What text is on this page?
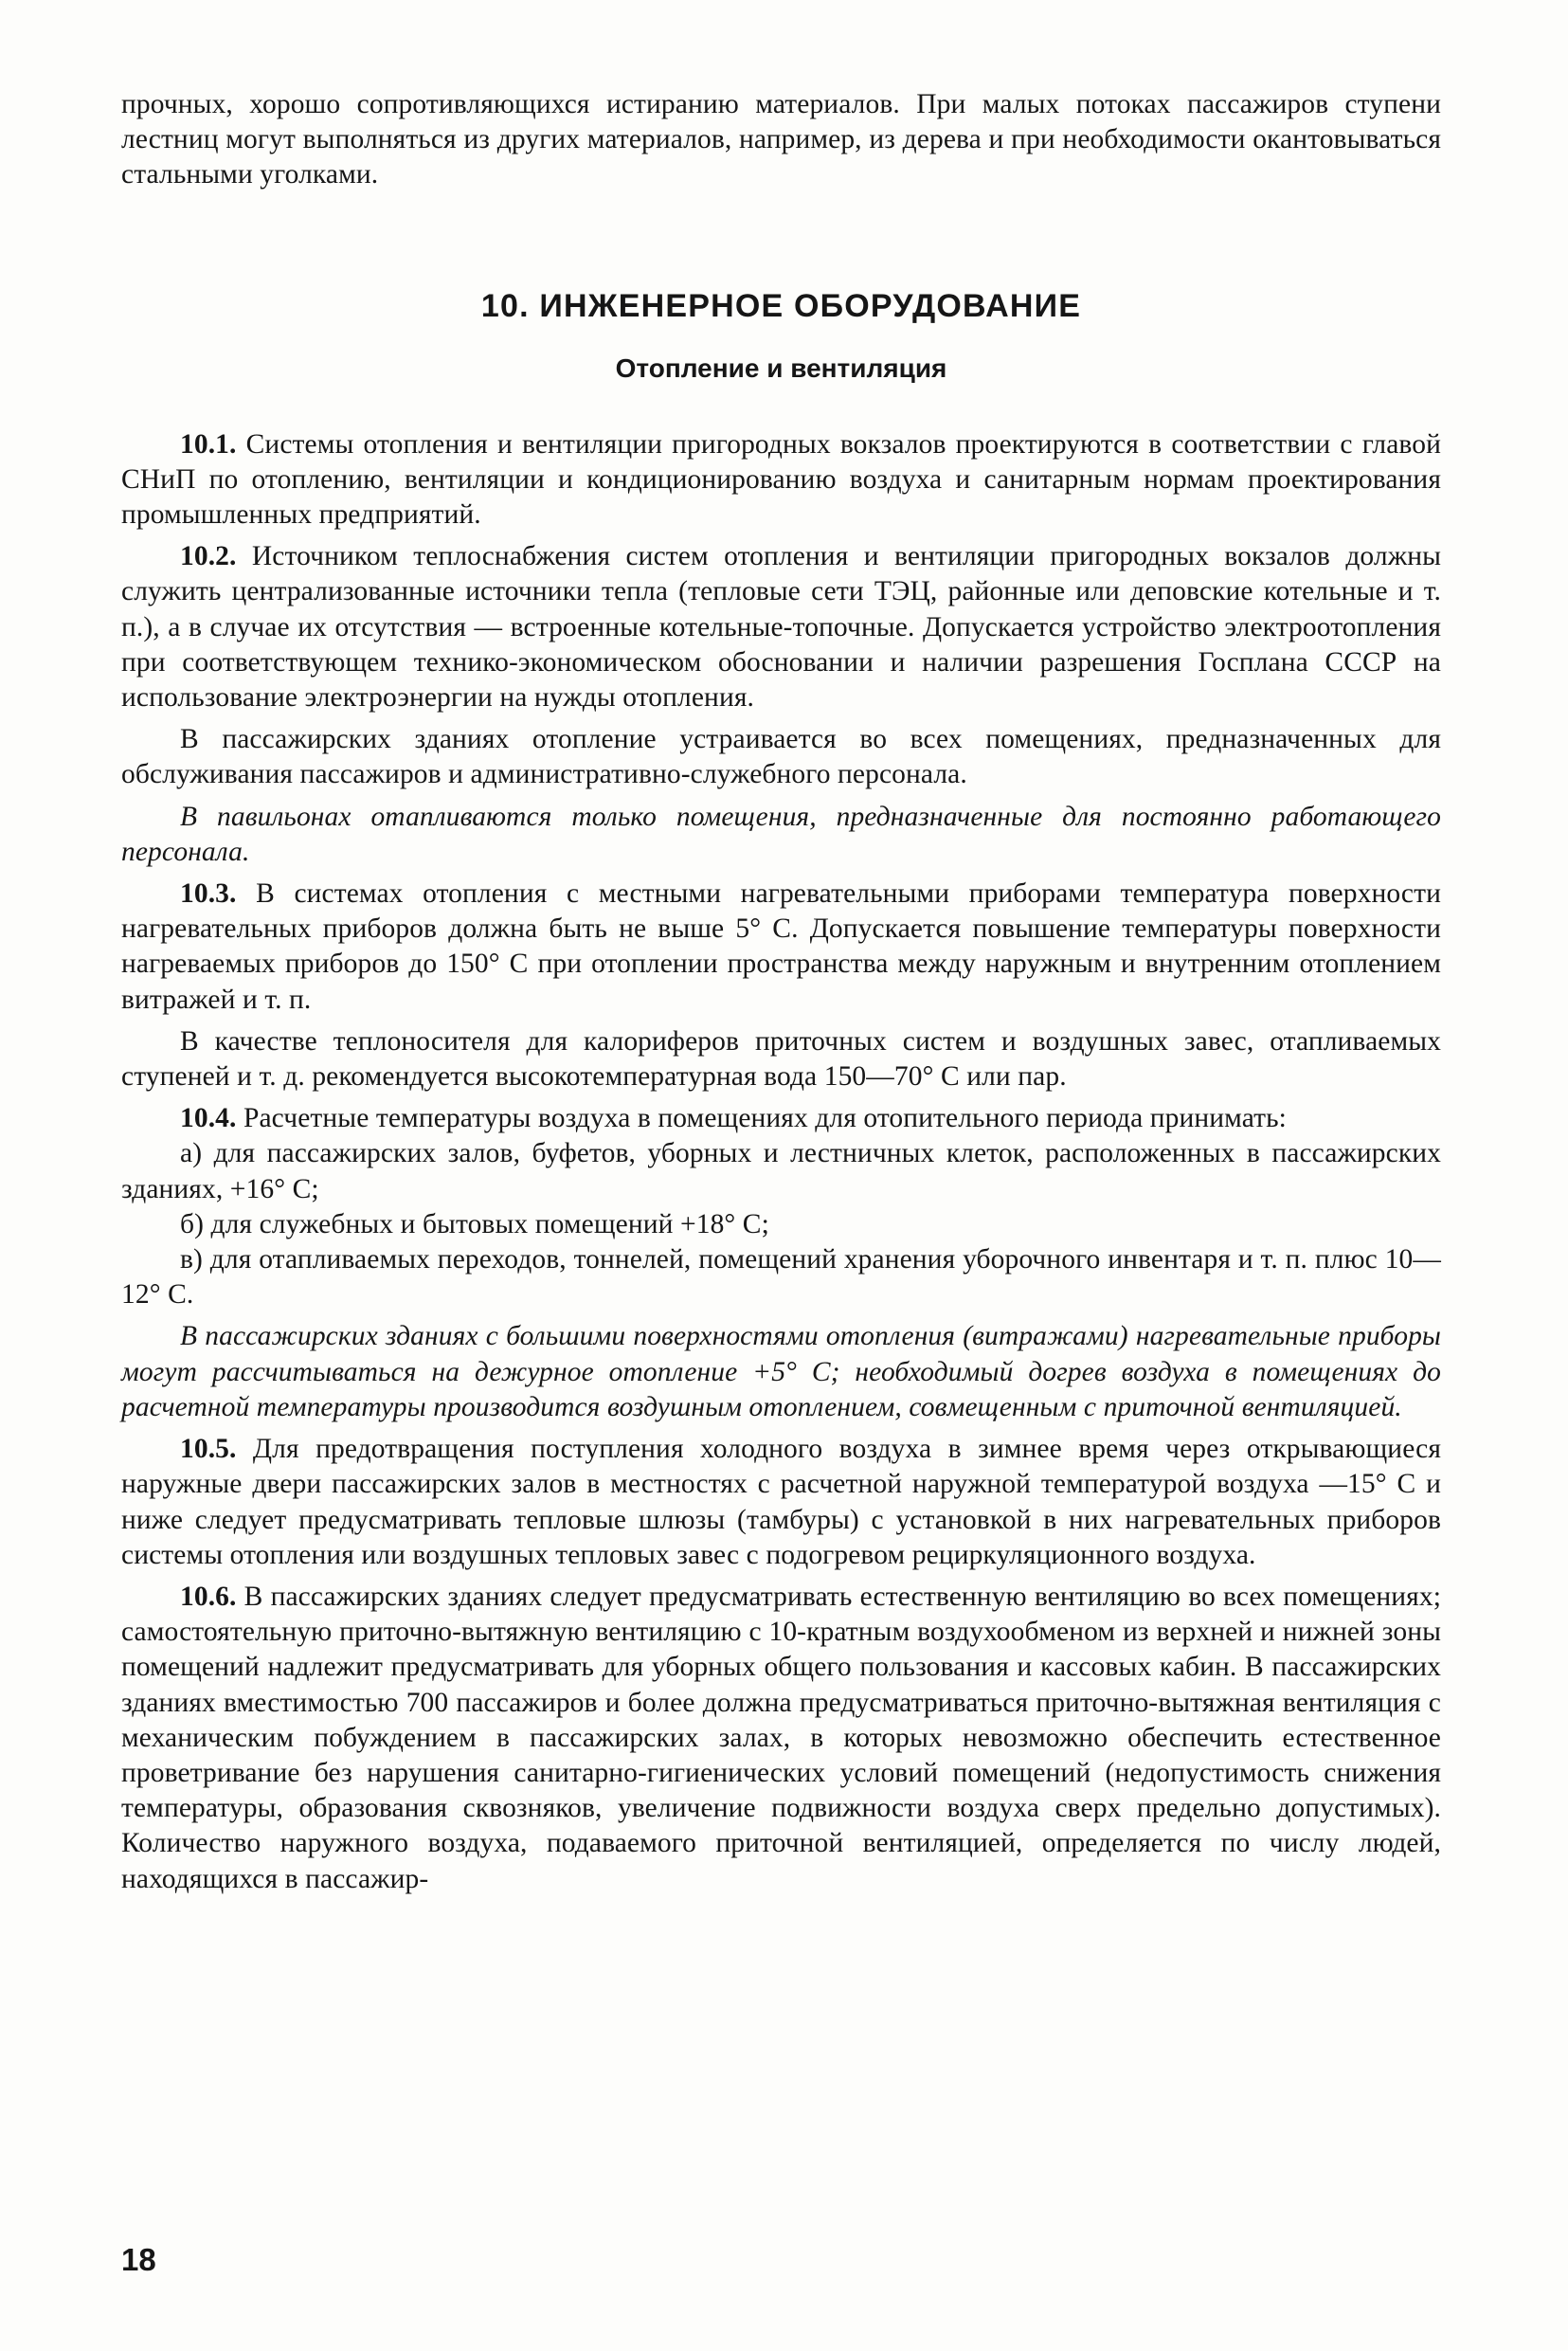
прочных, хорошо сопротивляющихся истиранию материалов. При малых потоках пассажиров ступени лестниц могут выполняться из других материалов, например, из дерева и при необходимости окантовываться стальными уголками.

10. ИНЖЕНЕРНОЕ ОБОРУДОВАНИЕ
Отопление и вентиляция

10.1. Системы отопления и вентиляции пригородных вокзалов проектируются в соответствии с главой СНиП по отоплению, вентиляции и кондиционированию воздуха и санитарным нормам проектирования промышленных предприятий.

10.2. Источником теплоснабжения систем отопления и вентиляции пригородных вокзалов должны служить централизованные источники тепла (тепловые сети ТЭЦ, районные или деповские котельные и т. п.), а в случае их отсутствия — встроенные котельные-топочные. Допускается устройство электроотопления при соответствующем технико-экономическом обосновании и наличии разрешения Госплана СССР на использование электроэнергии на нужды отопления.

В пассажирских зданиях отопление устраивается во всех помещениях, предназначенных для обслуживания пассажиров и административно-служебного персонала.

В павильонах отапливаются только помещения, предназначенные для постоянно работающего персонала.

10.3. В системах отопления с местными нагревательными приборами температура поверхности нагревательных приборов должна быть не выше 5° С. Допускается повышение температуры поверхности нагреваемых приборов до 150° С при отоплении пространства между наружным и внутренним отоплением витражей и т. п.

В качестве теплоносителя для калориферов приточных систем и воздушных завес, отапливаемых ступеней и т. д. рекомендуется высокотемпературная вода 150—70° С или пар.

10.4. Расчетные температуры воздуха в помещениях для отопительного периода принимать:

а) для пассажирских залов, буфетов, уборных и лестничных клеток, расположенных в пассажирских зданиях, +16° С;

б) для служебных и бытовых помещений +18° С;

в) для отапливаемых переходов, тоннелей, помещений хранения уборочного инвентаря и т. п. плюс 10—12° С.

В пассажирских зданиях с большими поверхностями отопления (витражами) нагревательные приборы могут рассчитываться на дежурное отопление +5° С; необходимый догрев воздуха в помещениях до расчетной температуры производится воздушным отоплением, совмещенным с приточной вентиляцией.

10.5. Для предотвращения поступления холодного воздуха в зимнее время через открывающиеся наружные двери пассажирских залов в местностях с расчетной наружной температурой воздуха —15° С и ниже следует предусматривать тепловые шлюзы (тамбуры) с установкой в них нагревательных приборов системы отопления или воздушных тепловых завес с подогревом рециркуляционного воздуха.

10.6. В пассажирских зданиях следует предусматривать естественную вентиляцию во всех помещениях; самостоятельную приточно-вытяжную вентиляцию с 10-кратным воздухообменом из верхней и нижней зоны помещений надлежит предусматривать для уборных общего пользования и кассовых кабин. В пассажирских зданиях вместимостью 700 пассажиров и более должна предусматриваться приточно-вытяжная вентиляция с механическим побуждением в пассажирских залах, в которых невозможно обеспечить естественное проветривание без нарушения санитарно-гигиенических условий помещений (недопустимость снижения температуры, образования сквозняков, увеличение подвижности воздуха сверх предельно допустимых). Количество наружного воздуха, подаваемого приточной вентиляцией, определяется по числу людей, находящихся в пассажир-

18
